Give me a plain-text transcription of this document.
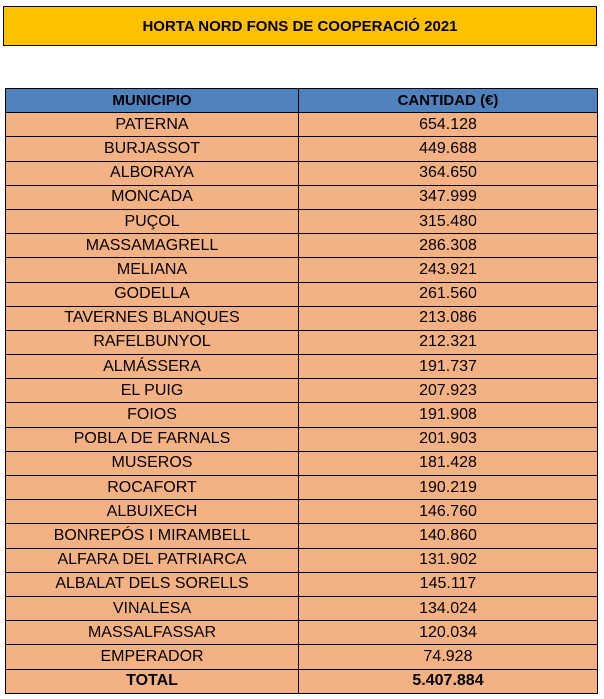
HORTA NORD FONS DE COOPERACIÓ 2021
MUNICIPIO	CANTIDAD (€)
PATERNA	654.128
BURJASSOT	449.688
ALBORAYA	364.650
MONCADA	347.999
PUÇOL	315.480
MASSAMAGRELL	286.308
MELIANA	243.921
GODELLA	261.560
TAVERNES BLANQUES	213.086
RAFELBUNYOL	212.321
ALMÁSSERA	191.737
EL PUIG	207.923
FOIOS	191.908
POBLA DE FARNALS	201.903
MUSEROS	181.428
ROCAFORT	190.219
ALBUIXECH	146.760
BONREPÓS I MIRAMBELL	140.860
ALFARA DEL PATRIARCA	131.902
ALBALAT DELS SORELLS	145.117
VINALESA	134.024
MASSALFASSAR	120.034
EMPERADOR	74.928
TOTAL	5.407.884
